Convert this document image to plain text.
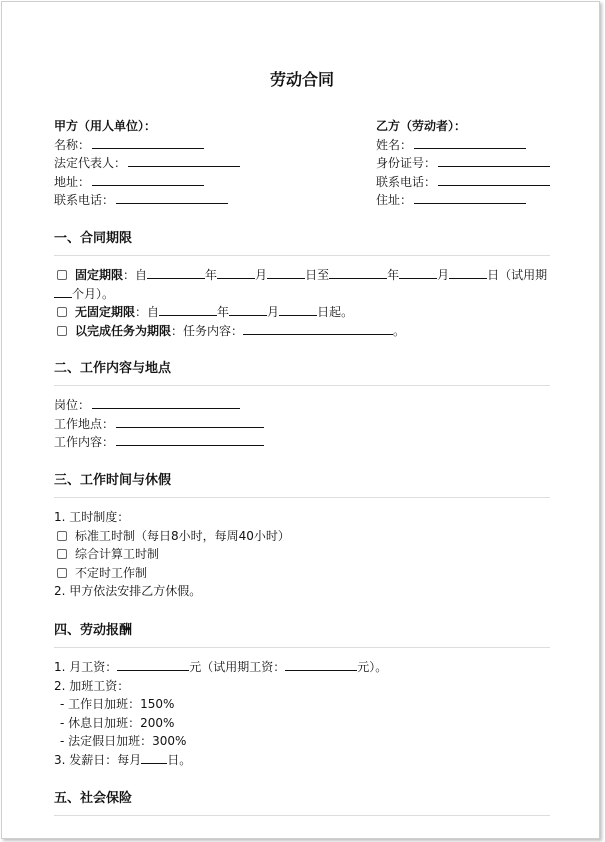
劳动合同
甲方（用人单位）：
名称：
法定代表人：
地址：
联系电话：
乙方（劳动者）：
姓名：
身份证号：
联系电话：
住址：
一、合同期限
固定期限：自	年	月	日至	年	月	日（试用期个月）。
无固定期限：自	年	月	日起。
以完成任务为期限：任务内容：	。
二、工作内容与地点
岗位：
工作地点：
工作内容：
三、工作时间与休假
1. 工时制度：
标准工时制（每日8小时，每周40小时）
综合计算工时制
不定时工作制
2. 甲方依法安排乙方休假。
四、劳动报酬
1. 月工资：	元（试用期工资：	元）。
2. 加班工资：
- 工作日加班：150%
- 休息日加班：200%
- 法定假日加班：300%
3. 发薪日：每月 日。
五、社会保险
